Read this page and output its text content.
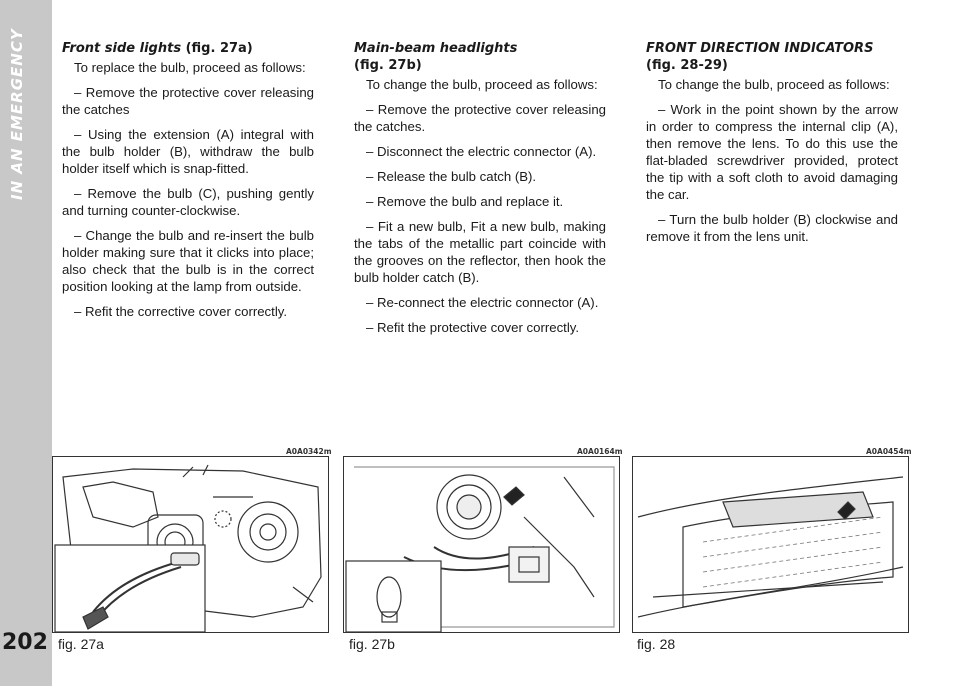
IN AN EMERGENCY
202
Front side lights (fig. 27a)

To replace the bulb, proceed as follows:

– Remove the protective cover releasing the catches

– Using the extension (A) integral with the bulb holder (B), withdraw the bulb holder itself which is snap-fitted.

– Remove the bulb (C), pushing gently and turning counter-clockwise.

– Change the bulb and re-insert the bulb holder making sure that it clicks into place; also check that the bulb is in the correct position looking at the lamp from outside.

– Refit the corrective cover correctly.

Main-beam headlights
(fig. 27b)

To change the bulb, proceed as follows:

– Remove the protective cover releasing the catches.

– Disconnect the electric connector (A).

– Release the bulb catch (B).

– Remove the bulb and replace it.

– Fit a new bulb, Fit a new bulb, making the tabs of the metallic part coincide with the grooves on the reflector, then hook the bulb holder catch (B).

– Re-connect the electric connector (A).

– Refit the protective cover correctly.

FRONT DIRECTION INDICATORS (fig. 28-29)

To change the bulb, proceed as follows:

– Work in the point shown by the arrow in order to compress the internal clip (A), then remove the lens. To do this use the flat-bladed screwdriver provided, protect the tip with a soft cloth to avoid damaging the car.

– Turn the bulb holder (B) clockwise and remove it from the lens unit.

A0A0342m	A0A0164m	A0A0454m
fig. 27a	fig. 27b	fig. 28
